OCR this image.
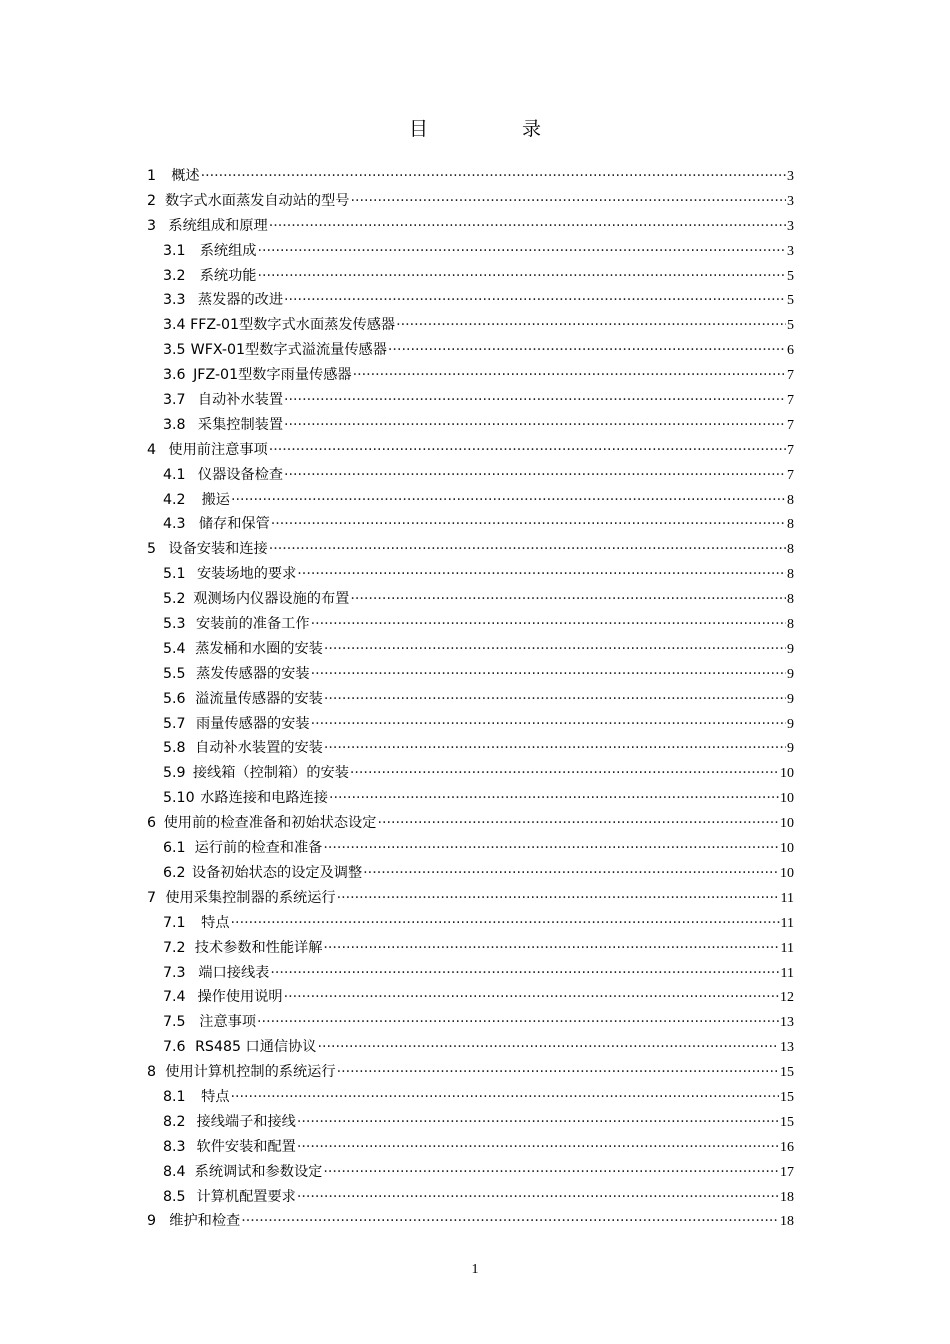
目 录
1	概述 ·····	3
2 数字式水面蒸发自动站的型号 ·····	3
3 系统组成和原理 ·····	3
3.1 系统组成 ·····	3
3.2 系统功能 ·····	5
3.3 蒸发器的改进 ·····	5
3.4 FFZ-01型数字式水面蒸发传感器 ·····	5
3.5 WFX-01型数字式溢流量传感器 ·····	6
3.6 JFZ-01型数字雨量传感器 ·····	7
3.7 自动补水装置 ·····	7
3.8 采集控制装置 ·····	7
4 使用前注意事项 ·····	7
4.1 仪器设备检查 ·····	7
4.2	搬运 ·····	8
4.3 储存和保管 ·····	8
5 设备安装和连接 ·····	8
5.1 安装场地的要求 ·····	8
5.2 观测场内仪器设施的布置 ·····	8
5.3 安装前的准备工作 ·····	8
5.4 蒸发桶和水圈的安装 ·····	9
5.5 蒸发传感器的安装 ·····	9
5.6 溢流量传感器的安装 ·····	9
5.7 雨量传感器的安装 ·····	9
5.8 自动补水装置的安装 ·····	9
5.9 接线箱（控制箱）的安装 ·····	10
5.10 水路连接和电路连接 ·····	10
6 使用前的检查准备和初始状态设定 ·····	10
6.1 运行前的检查和准备 ·····	10
6.2 设备初始状态的设定及调整 ·····	10
7 使用采集控制器的系统运行 ·····	11
7.1	特点 ·····	11
7.2 技术参数和性能详解 ·····	11
7.3 端口接线表 ·····	11
7.4 操作使用说明 ·····	12
7.5 注意事项 ·····	13
7.6 RS485 口通信协议 ·····	13
8 使用计算机控制的系统运行 ·····	15
8.1	特点 ·····	15
8.2 接线端子和接线 ·····	15
8.3 软件安装和配置 ·····	16
8.4 系统调试和参数设定 ·····	17
8.5 计算机配置要求 ·····	18
9 维护和检查 ·····	18
1
